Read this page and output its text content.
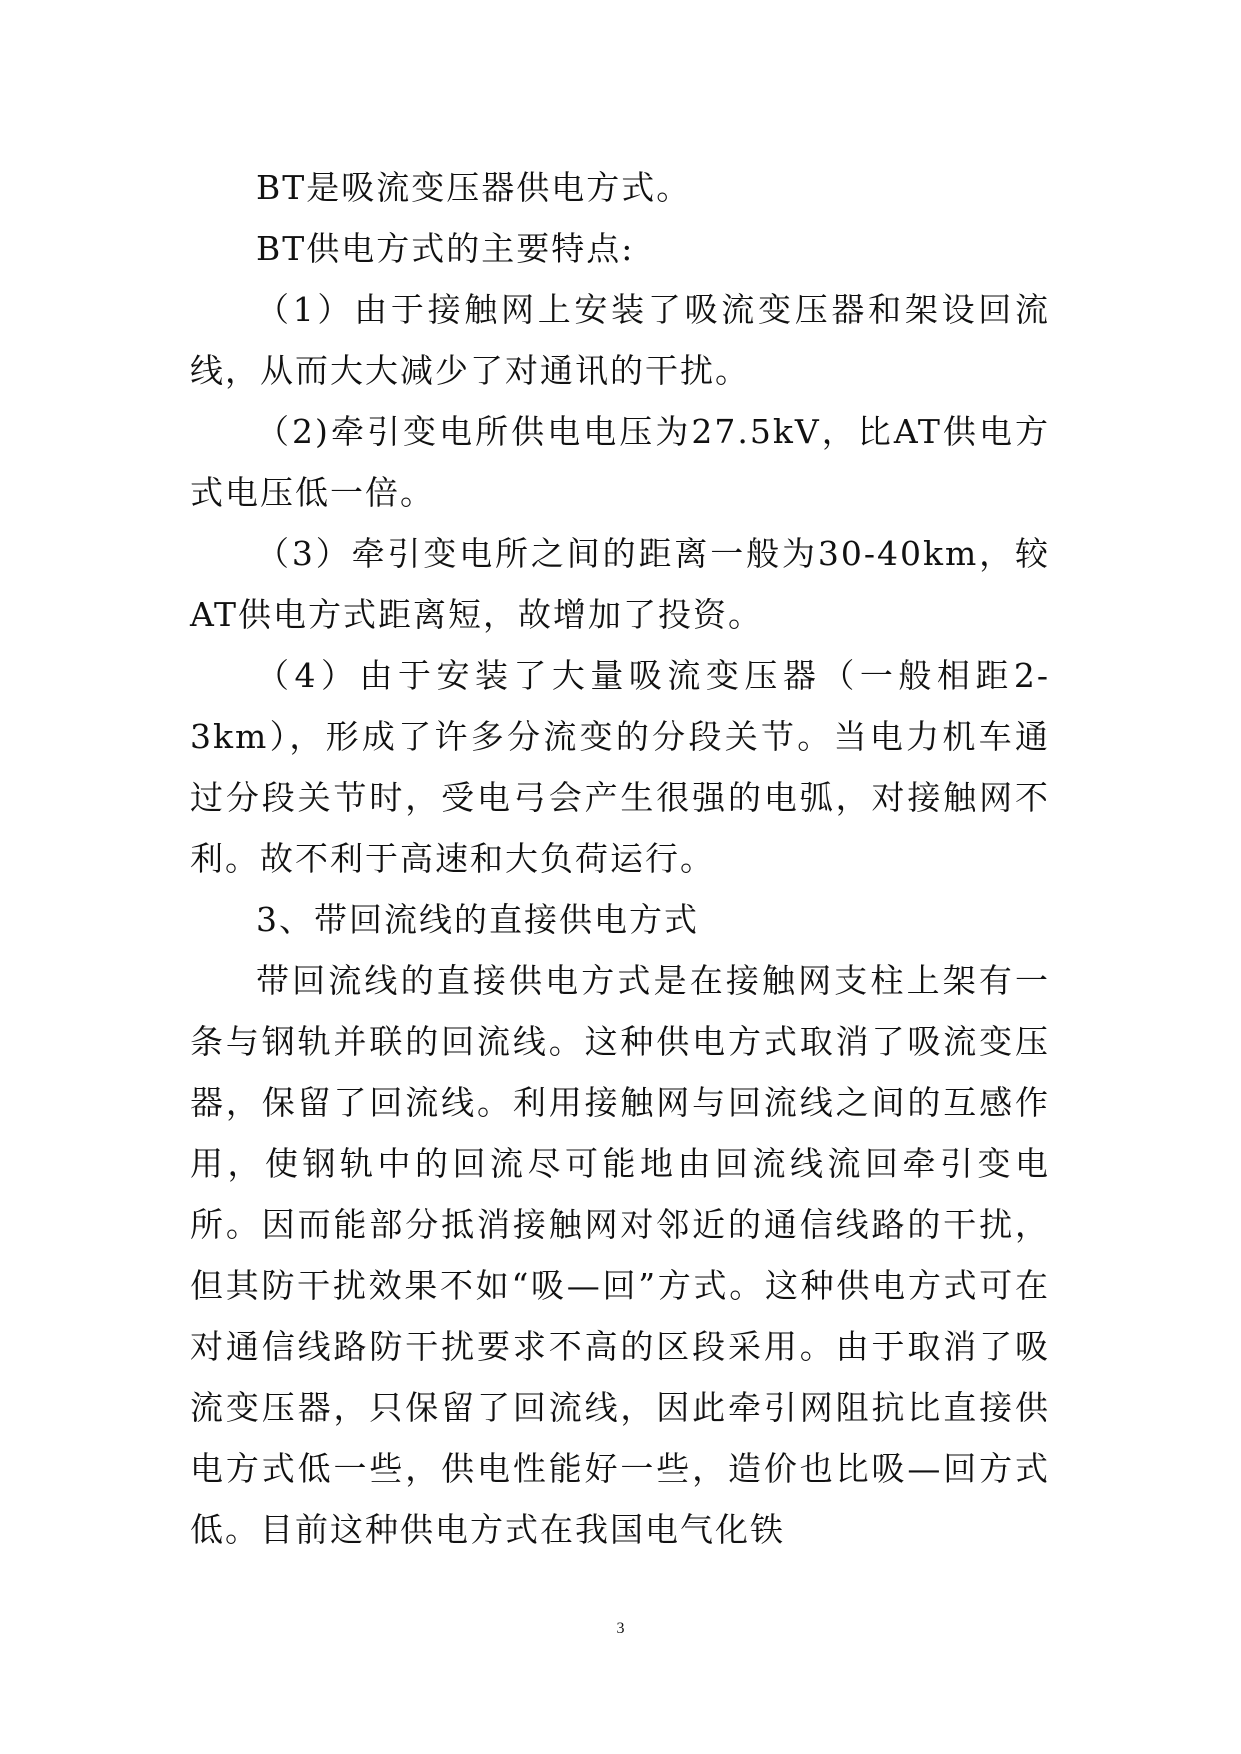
BT是吸流变压器供电方式。

BT供电方式的主要特点:

（1）由于接触网上安装了吸流变压器和架设回流线，从而大大减少了对通讯的干扰。

（2)牵引变电所供电电压为27.5kV，比AT供电方式电压低一倍。

（3）牵引变电所之间的距离一般为30-40km，较AT供电方式距离短，故增加了投资。

（4）由于安装了大量吸流变压器（一般相距2-3km），形成了许多分流变的分段关节。当电力机车通过分段关节时，受电弓会产生很强的电弧，对接触网不利。故不利于高速和大负荷运行。

3、带回流线的直接供电方式

带回流线的直接供电方式是在接触网支柱上架有一条与钢轨并联的回流线。这种供电方式取消了吸流变压器，保留了回流线。利用接触网与回流线之间的互感作用，使钢轨中的回流尽可能地由回流线流回牵引变电所。因而能部分抵消接触网对邻近的通信线路的干扰，但其防干扰效果不如“吸—回”方式。这种供电方式可在对通信线路防干扰要求不高的区段采用。由于取消了吸流变压器，只保留了回流线，因此牵引网阻抗比直接供电方式低一些，供电性能好一些，造价也比吸—回方式低。目前这种供电方式在我国电气化铁

3
